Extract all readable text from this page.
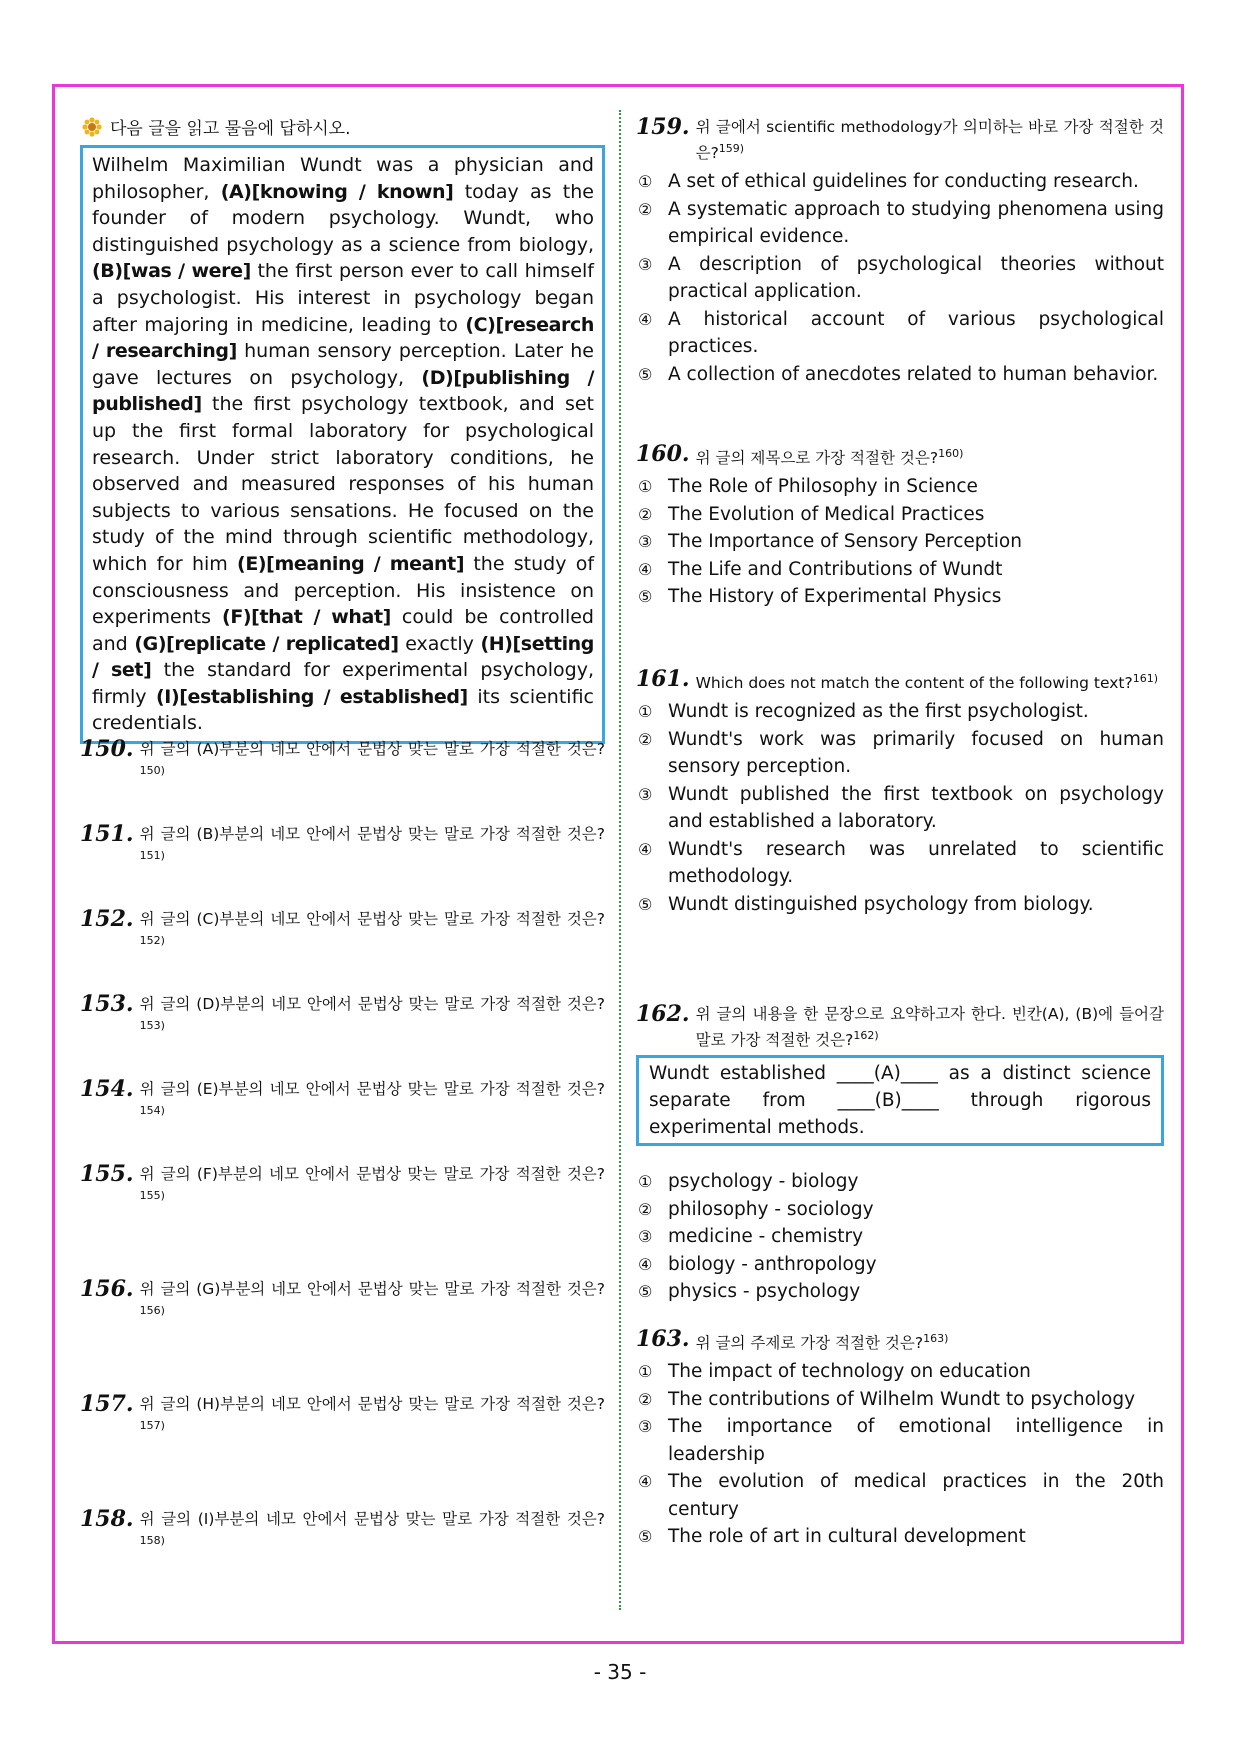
다음 글을 읽고 물음에 답하시오.
Wilhelm Maximilian Wundt was a physician and philosopher, (A)[knowing / known] today as the founder of modern psychology. Wundt, who distinguished psychology as a science from biology, (B)[was / were] the first person ever to call himself a psychologist. His interest in psychology began after majoring in medicine, leading to (C)[research / researching] human sensory perception. Later he gave lectures on psychology, (D)[publishing / published] the first psychology textbook, and set up the first formal laboratory for psychological research. Under strict laboratory conditions, he observed and measured responses of his human subjects to various sensations. He focused on the study of the mind through scientific methodology, which for him (E)[meaning / meant] the study of consciousness and perception. His insistence on experiments (F)[that / what] could be controlled and (G)[replicate / replicated] exactly (H)[setting / set] the standard for experimental psychology, firmly (I)[establishing / established] its scientific credentials.
150. 위 글의 (A)부분의 네모 안에서 문법상 맞는 말로 가장 적절한 것은?$^{150)}$
151. 위 글의 (B)부분의 네모 안에서 문법상 맞는 말로 가장 적절한 것은?$^{151)}$
152. 위 글의 (C)부분의 네모 안에서 문법상 맞는 말로 가장 적절한 것은?$^{152)}$
153. 위 글의 (D)부분의 네모 안에서 문법상 맞는 말로 가장 적절한 것은?$^{153)}$
154. 위 글의 (E)부분의 네모 안에서 문법상 맞는 말로 가장 적절한 것은?$^{154)}$
155. 위 글의 (F)부분의 네모 안에서 문법상 맞는 말로 가장 적절한 것은?$^{155)}$
156. 위 글의 (G)부분의 네모 안에서 문법상 맞는 말로 가장 적절한 것은?$^{156)}$
157. 위 글의 (H)부분의 네모 안에서 문법상 맞는 말로 가장 적절한 것은?$^{157)}$
158. 위 글의 (I)부분의 네모 안에서 문법상 맞는 말로 가장 적절한 것은?$^{158)}$
159. 위 글에서 scientific methodology가 의미하는 바로 가장 적절한 것은?$^{159)}$
① A set of ethical guidelines for conducting research.
② A systematic approach to studying phenomena using empirical evidence.
③ A description of psychological theories without practical application.
④ A historical account of various psychological practices.
⑤ A collection of anecdotes related to human behavior.
160. 위 글의 제목으로 가장 적절한 것은?$^{160)}$
① The Role of Philosophy in Science
② The Evolution of Medical Practices
③ The Importance of Sensory Perception
④ The Life and Contributions of Wundt
⑤ The History of Experimental Physics
161. Which does not match the content of the following text?$^{161)}$
① Wundt is recognized as the first psychologist.
② Wundt's work was primarily focused on human sensory perception.
③ Wundt published the first textbook on psychology and established a laboratory.
④ Wundt's research was unrelated to scientific methodology.
⑤ Wundt distinguished psychology from biology.
162. 위 글의 내용을 한 문장으로 요약하고자 한다. 빈칸(A), (B)에 들어갈 말로 가장 적절한 것은?$^{162)}$
Wundt established ____(A)____ as a distinct science separate from ____(B)____ through rigorous experimental methods.
① psychology - biology
② philosophy - sociology
③ medicine - chemistry
④ biology - anthropology
⑤ physics - psychology
163. 위 글의 주제로 가장 적절한 것은?$^{163)}$
① The impact of technology on education
② The contributions of Wilhelm Wundt to psychology
③ The importance of emotional intelligence in leadership
④ The evolution of medical practices in the 20th century
⑤ The role of art in cultural development
- 35 -
